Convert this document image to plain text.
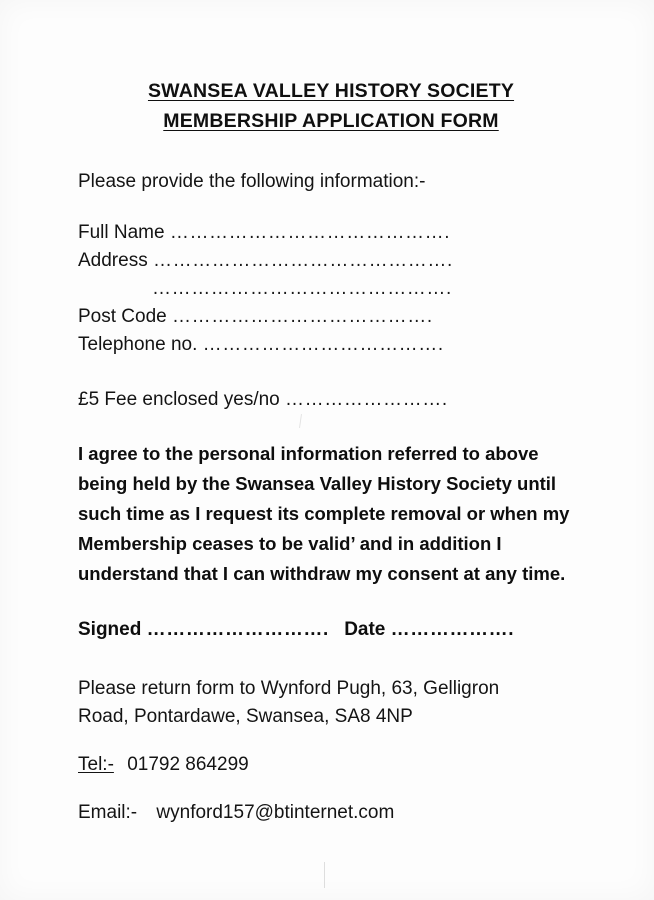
SWANSEA VALLEY HISTORY SOCIETY
MEMBERSHIP APPLICATION FORM
Please provide the following information:-
Full Name …………………………………….
Address ……………………………………….
……………………………………….
Post Code ………………………………….
Telephone no. ……………………………….
£5 Fee enclosed yes/no …………………….
I agree to the personal information referred to above being held by the Swansea Valley History Society until such time as I request its complete removal or when my Membership ceases to be valid’ and in addition I understand that I can withdraw my consent at any time.
Signed ………………………. Date ……………….
Please return form to Wynford Pugh, 63, Gelligron Road, Pontardawe, Swansea, SA8 4NP
Tel:- 01792 864299
Email:- wynford157@btinternet.com
